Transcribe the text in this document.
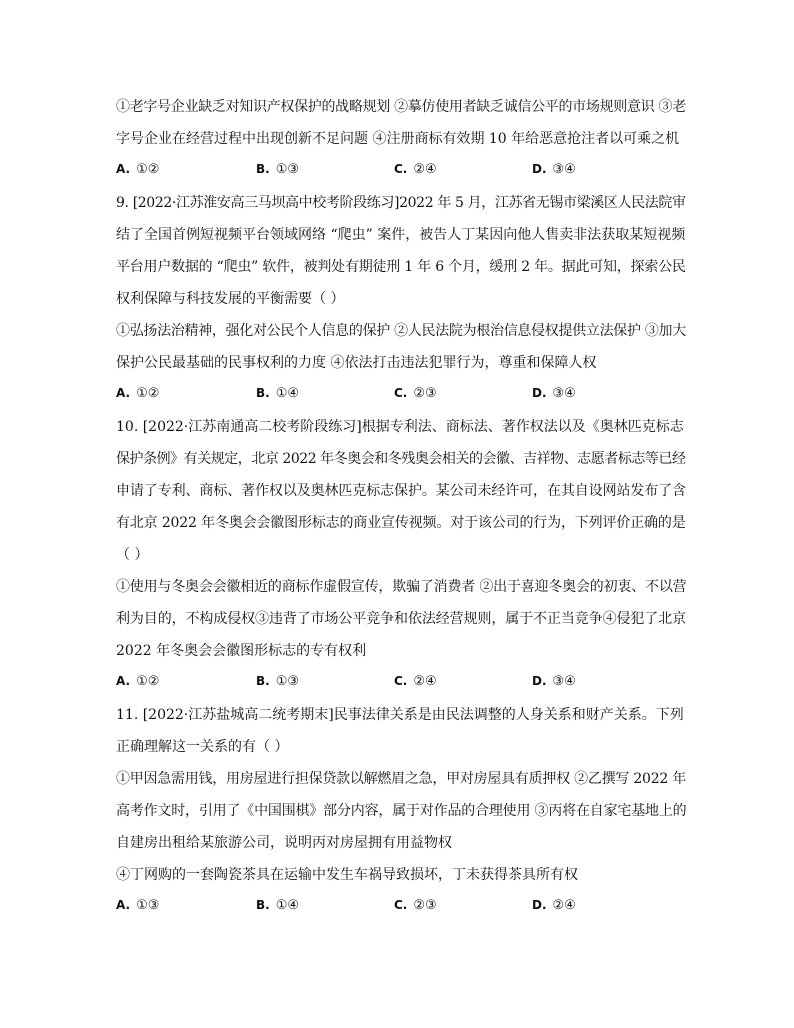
①老字号企业缺乏对知识产权保护的战略规划 ②摹仿使用者缺乏诚信公平的市场规则意识 ③老
字号企业在经营过程中出现创新不足问题 ④注册商标有效期 10 年给恶意抢注者以可乘之机
A. ①②	B. ①③	C. ②④	D. ③④
9. [2022·江苏淮安高三马坝高中校考阶段练习]2022 年 5 月，江苏省无锡市梁溪区人民法院审
结了全国首例短视频平台领域网络 “爬虫” 案件，被告人丁某因向他人售卖非法获取某短视频
平台用户数据的 “爬虫” 软件，被判处有期徒刑 1 年 6 个月，缓刑 2 年。据此可知，探索公民
权利保障与科技发展的平衡需要（ ）
①弘扬法治精神，强化对公民个人信息的保护 ②人民法院为根治信息侵权提供立法保护 ③加大
保护公民最基础的民事权利的力度 ④依法打击违法犯罪行为，尊重和保障人权
A. ①②	B. ①④	C. ②③	D. ③④
10. [2022·江苏南通高二校考阶段练习]根据专利法、商标法、著作权法以及《奥林匹克标志
保护条例》有关规定，北京 2022 年冬奥会和冬残奥会相关的会徽、吉祥物、志愿者标志等已经
申请了专利、商标、著作权以及奥林匹克标志保护。某公司未经许可，在其自设网站发布了含
有北京 2022 年冬奥会会徽图形标志的商业宣传视频。对于该公司的行为，下列评价正确的是
（ ）
①使用与冬奥会会徽相近的商标作虚假宣传，欺骗了消费者 ②出于喜迎冬奥会的初衷、不以营
利为目的，不构成侵权③违背了市场公平竞争和依法经营规则，属于不正当竞争④侵犯了北京
2022 年冬奥会会徽图形标志的专有权利
A. ①②	B. ①③	C. ②④	D. ③④
11. [2022·江苏盐城高二统考期末]民事法律关系是由民法调整的人身关系和财产关系。下列
正确理解这一关系的有（ ）
①甲因急需用钱，用房屋进行担保贷款以解燃眉之急，甲对房屋具有质押权 ②乙撰写 2022 年
高考作文时，引用了《中国围棋》部分内容，属于对作品的合理使用 ③丙将在自家宅基地上的
自建房出租给某旅游公司，说明丙对房屋拥有用益物权
④丁网购的一套陶瓷茶具在运输中发生车祸导致损坏，丁未获得茶具所有权
A. ①③	B. ①④	C. ②③	D. ②④
